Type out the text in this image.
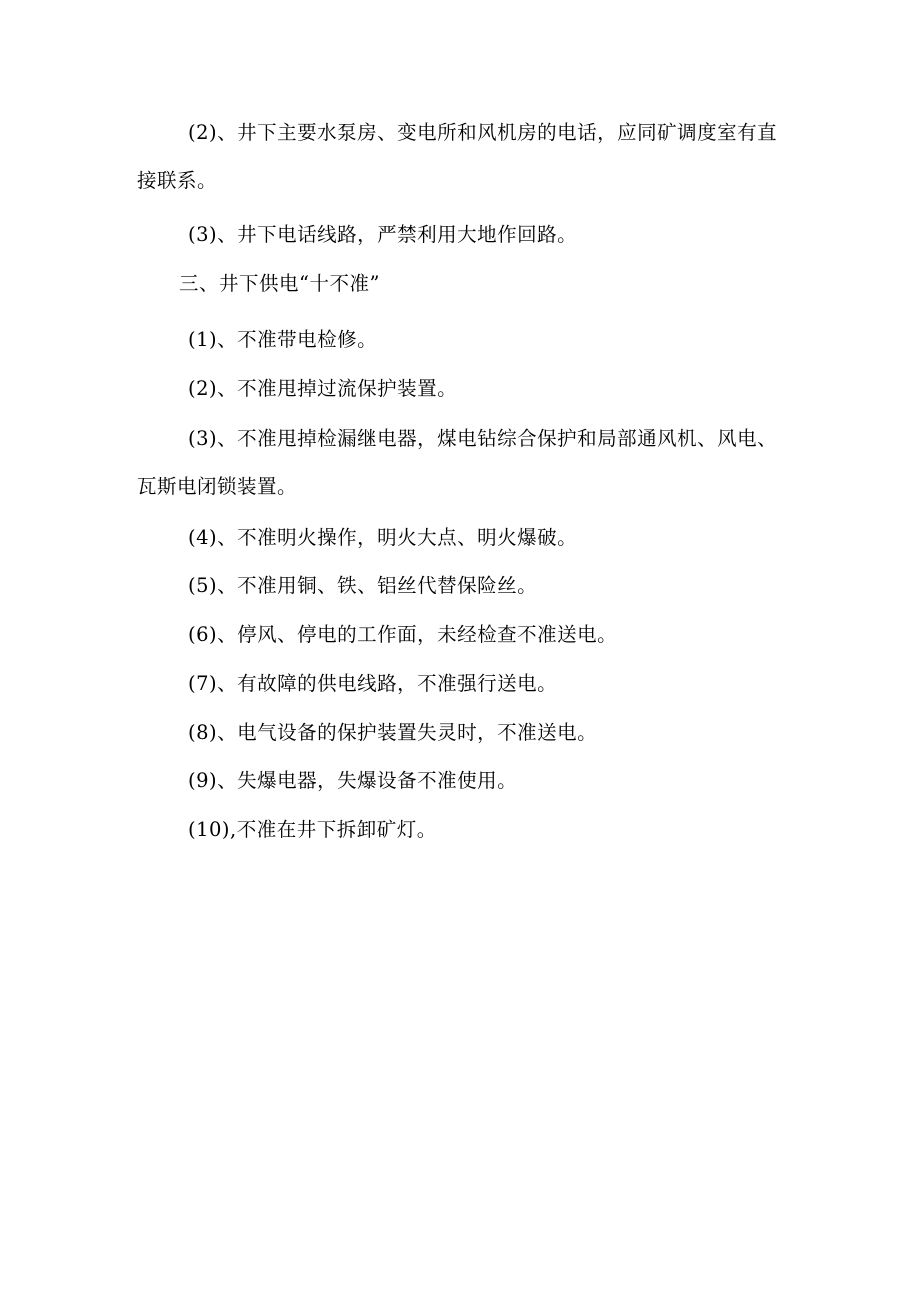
(2)、井下主要水泵房、变电所和风机房的电话，应同矿调度室有直接联系。

(3)、井下电话线路，严禁利用大地作回路。

三、井下供电“十不准”

(1)、不准带电检修。

(2)、不准甩掉过流保护装置。

(3)、不准甩掉检漏继电器，煤电钻综合保护和局部通风机、风电、瓦斯电闭锁装置。

(4)、不准明火操作，明火大点、明火爆破。

(5)、不准用铜、铁、铝丝代替保险丝。

(6)、停风、停电的工作面，未经检查不准送电。

(7)、有故障的供电线路，不准强行送电。

(8)、电气设备的保护装置失灵时，不准送电。

(9)、失爆电器，失爆设备不准使用。

(10),不准在井下拆卸矿灯。
